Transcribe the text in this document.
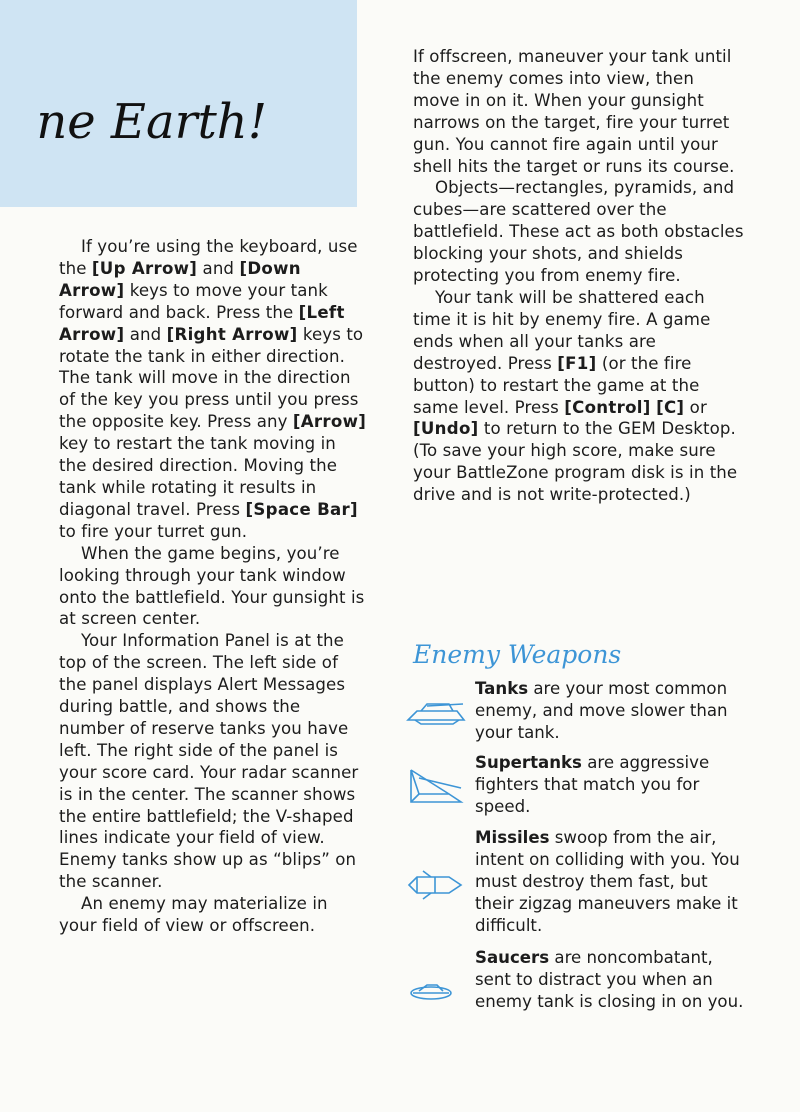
ne Earth!

If you’re using the keyboard, use the [Up Arrow] and [Down Arrow] keys to move your tank forward and back. Press the [Left Arrow] and [Right Arrow] keys to rotate the tank in either direction. The tank will move in the direction of the key you press until you press the opposite key. Press any [Arrow] key to restart the tank moving in the desired direction. Moving the tank while rotating it results in diagonal travel. Press [Space Bar] to fire your turret gun.

When the game begins, you’re looking through your tank window onto the battlefield. Your gunsight is at screen center.

Your Information Panel is at the top of the screen. The left side of the panel displays Alert Messages during battle, and shows the number of reserve tanks you have left. The right side of the panel is your score card. Your radar scanner is in the center. The scanner shows the entire battlefield; the V-shaped lines indicate your field of view. Enemy tanks show up as “blips” on the scanner.

An enemy may materialize in your field of view or offscreen.

If offscreen, maneuver your tank until the enemy comes into view, then move in on it. When your gunsight narrows on the target, fire your turret gun. You cannot fire again until your shell hits the target or runs its course.

Objects—rectangles, pyramids, and cubes—are scattered over the battlefield. These act as both obstacles blocking your shots, and shields protecting you from enemy fire.

Your tank will be shattered each time it is hit by enemy fire. A game ends when all your tanks are destroyed. Press [F1] (or the fire button) to restart the game at the same level. Press [Control] [C] or [Undo] to return to the GEM Desktop. (To save your high score, make sure your BattleZone program disk is in the drive and is not write-protected.)

Enemy Weapons
Tanks are your most common enemy, and move slower than your tank.
Supertanks are aggressive fighters that match you for speed.
Missiles swoop from the air, intent on colliding with you. You must destroy them fast, but their zigzag maneuvers make it difficult.
Saucers are noncombatant, sent to distract you when an enemy tank is closing in on you.
